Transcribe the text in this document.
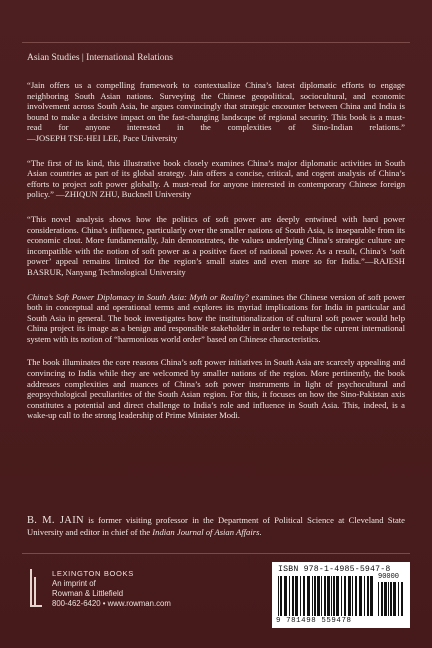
Asian Studies | International Relations

“Jain offers us a compelling framework to contextualize China’s latest diplomatic efforts to engage neighboring South Asian nations. Surveying the Chinese geopolitical, sociocultural, and economic involvement across South Asia, he argues convincingly that strategic encounter between China and India is bound to make a decisive impact on the fast-changing landscape of regional security. This book is a must-read for anyone interested in the complexities of Sino-Indian relations.” —JOSEPH TSE-HEI LEE, Pace University

“The first of its kind, this illustrative book closely examines China’s major diplomatic activities in South Asian countries as part of its global strategy. Jain offers a concise, critical, and cogent analysis of China’s efforts to project soft power globally. A must-read for anyone interested in contemporary Chinese foreign policy.” —ZHIQUN ZHU, Bucknell University

“This novel analysis shows how the politics of soft power are deeply entwined with hard power considerations. China’s influence, particularly over the smaller nations of South Asia, is inseparable from its economic clout. More fundamentally, Jain demonstrates, the values underlying China’s strategic culture are incompatible with the notion of soft power as a positive facet of national power. As a result, China’s ‘soft power’ appeal remains limited for the region’s small states and even more so for India.”—RAJESH BASRUR, Nanyang Technological University

China’s Soft Power Diplomacy in South Asia: Myth or Reality? examines the Chinese version of soft power both in conceptual and operational terms and explores its myriad implications for India in particular and South Asia in general. The book investigates how the institutionalization of cultural soft power would help China project its image as a benign and responsible stakeholder in order to reshape the current international system with its notion of “harmonious world order” based on Chinese characteristics.

The book illuminates the core reasons China’s soft power initiatives in South Asia are scarcely appealing and convincing to India while they are welcomed by smaller nations of the region. More pertinently, the book addresses complexities and nuances of China’s soft power instruments in light of psychocultural and geopsychological peculiarities of the South Asian region. For this, it focuses on how the Sino-Pakistan axis constitutes a potential and direct challenge to India’s role and influence in South Asia. This, indeed, is a wake-up call to the strong leadership of Prime Minister Modi.

B. M. JAIN is former visiting professor in the Department of Political Science at Cleveland State University and editor in chief of the Indian Journal of Asian Affairs.
LEXINGTON BOOKS
An imprint of
Rowman & Littlefield
800-462-6420 • www.rowman.com
ISBN 978-1-4985-5947-8
90000
9 781498 559478
